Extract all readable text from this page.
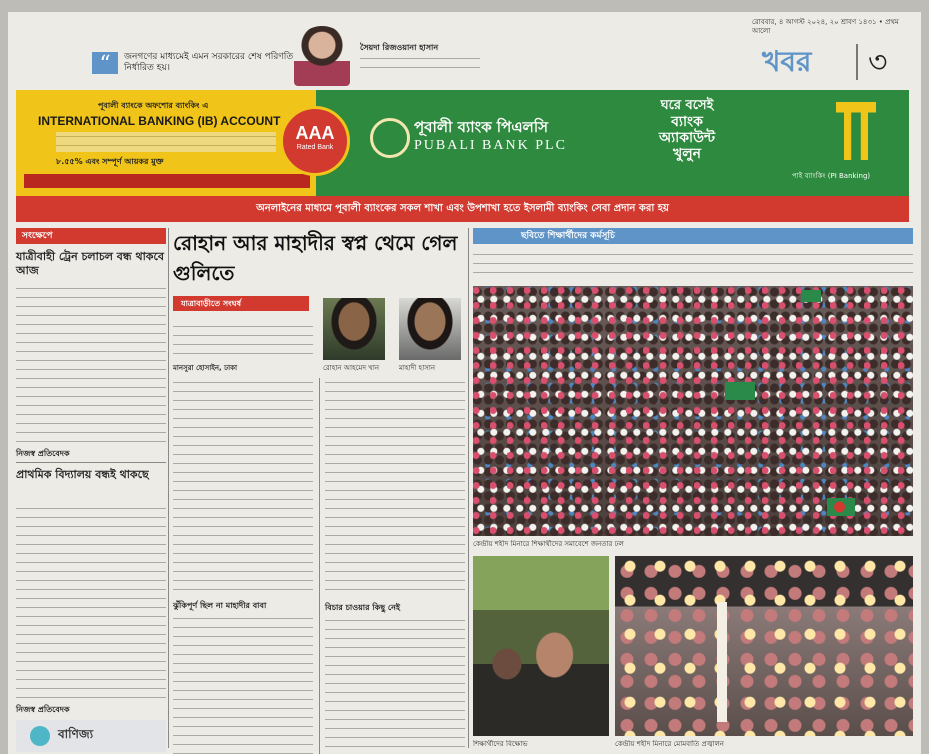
রোববার, ৪ আগস্ট ২০২৪, ২০ শ্রাবণ ১৪৩১ • প্রথম আলো
“	জনগণের মাধ্যমেই এমন সরকারের শেষ পরিণতি নির্ধারিত হয়।
সৈয়দা রিজওয়ানা হাসান	খবর ৩
পূবালী ব্যাংকে অফশোর ব্যাংকিং এ
INTERNATIONAL BANKING (IB) ACCOUNT
৮.৫৫% এবং সম্পূর্ণ আয়কর মুক্ত
AAA
Rated Bank
পূবালী ব্যাংক পিএলসি
PUBALI BANK PLC
ঘরে বসেই
ব্যাংক
অ্যাকাউন্ট
খুলুন
পাই ব্যাংকিং (PI Banking)
অনলাইনের মাধ্যমে পূবালী ব্যাংকের সকল শাখা এবং উপশাখা হতে ইসলামী ব্যাংকিং সেবা প্রদান করা হয়
সংক্ষেপে
যাত্রীবাহী ট্রেন চলাচল বন্ধ থাকবে আজ
নিজস্ব প্রতিবেদক
প্রাথমিক বিদ্যালয় বন্ধই থাকছে
নিজস্ব প্রতিবেদক
বাণিজ্য
রোহান আর মাহাদীর স্বপ্ন থেমে গেল গুলিতে
যাত্রাবাড়ীতে সংঘর্ষ
মানসুরা হোসাইন, ঢাকা	রোহান আহমেদ খান	মাহাদী হাসান
ঝুঁকিপূর্ণ ছিল না মাহাদীর বাবা	বিচার চাওয়ার কিছু নেই
ছবিতে শিক্ষার্থীদের কর্মসূচি
কেন্দ্রীয় শহীদ মিনারে শিক্ষার্থীদের সমাবেশে জনতার ঢল
শিক্ষার্থীদের বিক্ষোভ	কেন্দ্রীয় শহীদ মিনারে মোমবাতি প্রজ্বালন
